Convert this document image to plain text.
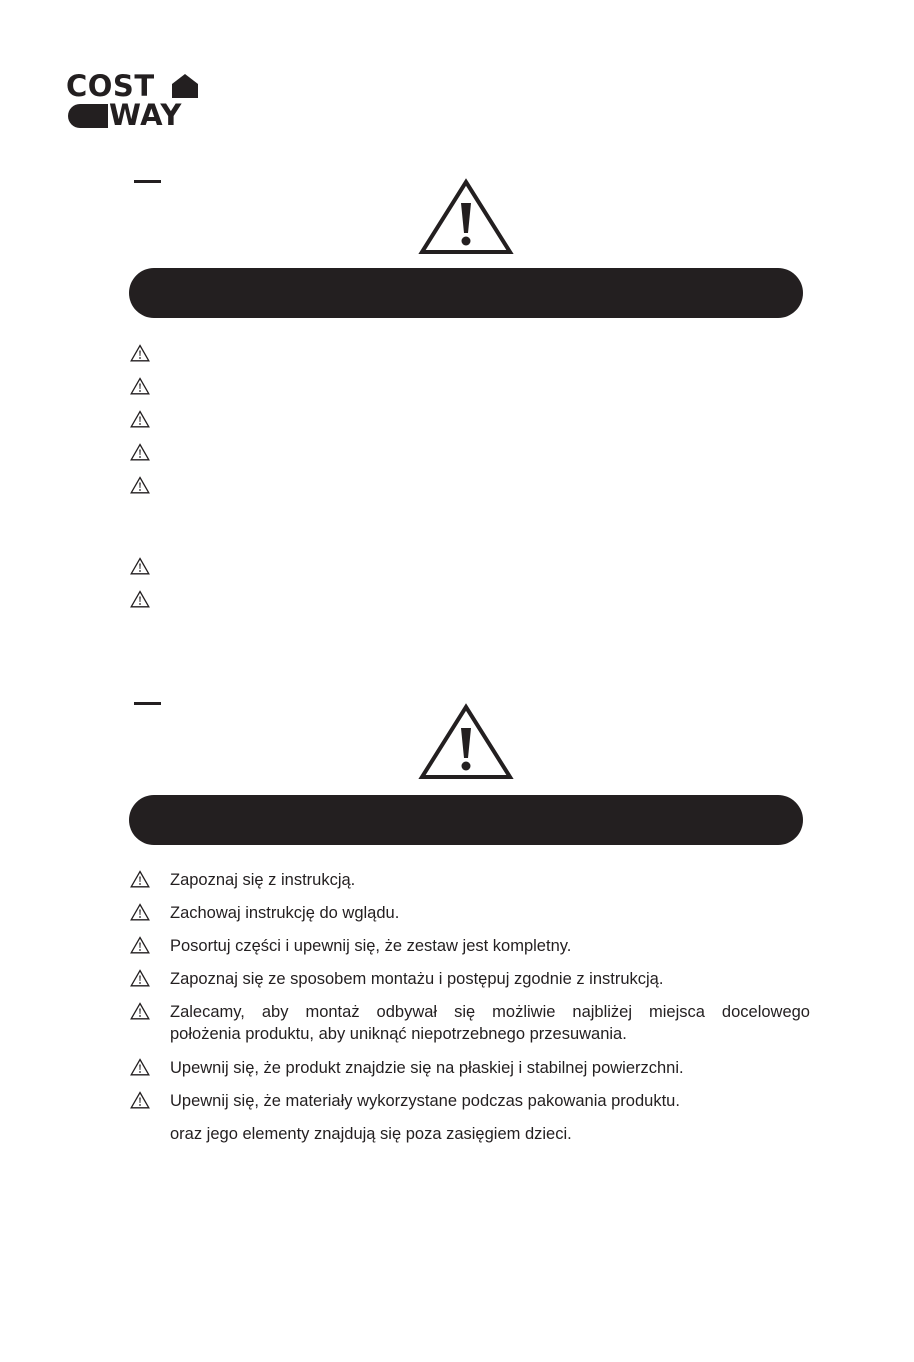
COST
WAY
Zapoznaj się z instrukcją.
Zachowaj instrukcję do wglądu.
Posortuj części i upewnij się, że zestaw jest kompletny.
Zapoznaj się ze sposobem montażu i postępuj zgodnie z instrukcją.
Zalecamy, aby montaż odbywał się możliwie najbliżej miejsca docelowego
położenia produktu, aby uniknąć niepotrzebnego przesuwania.
Upewnij się, że produkt znajdzie się na płaskiej i stabilnej powierzchni.
Upewnij się, że materiały wykorzystane podczas pakowania produktu.
oraz jego elementy znajdują się poza zasięgiem dzieci.
